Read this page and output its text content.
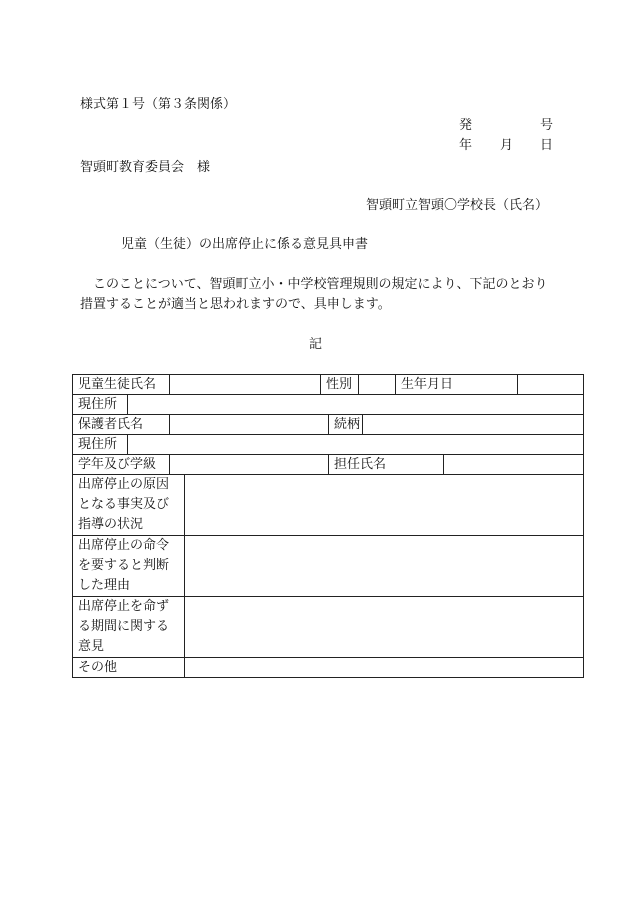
様式第１号（第３条関係）
発	号
年 月 日
智頭町教育委員会　様
智頭町立智頭〇学校長（氏名）
児童（生徒）の出席停止に係る意見具申書
このことについて、智頭町立小・中学校管理規則の規定により、下記のとおり措置することが適当と思われますので、具申します。
記
児童生徒氏名				性別				生年月日		
現住所										
保護者氏名					続柄					
現住所										
学年及び学級					担任氏名					

出席停止の原因
となる事実及び
指導の状況										

出席停止の命令
を要すると判断
した理由										

出席停止を命ず
る期間に関する
意見										

その他										
